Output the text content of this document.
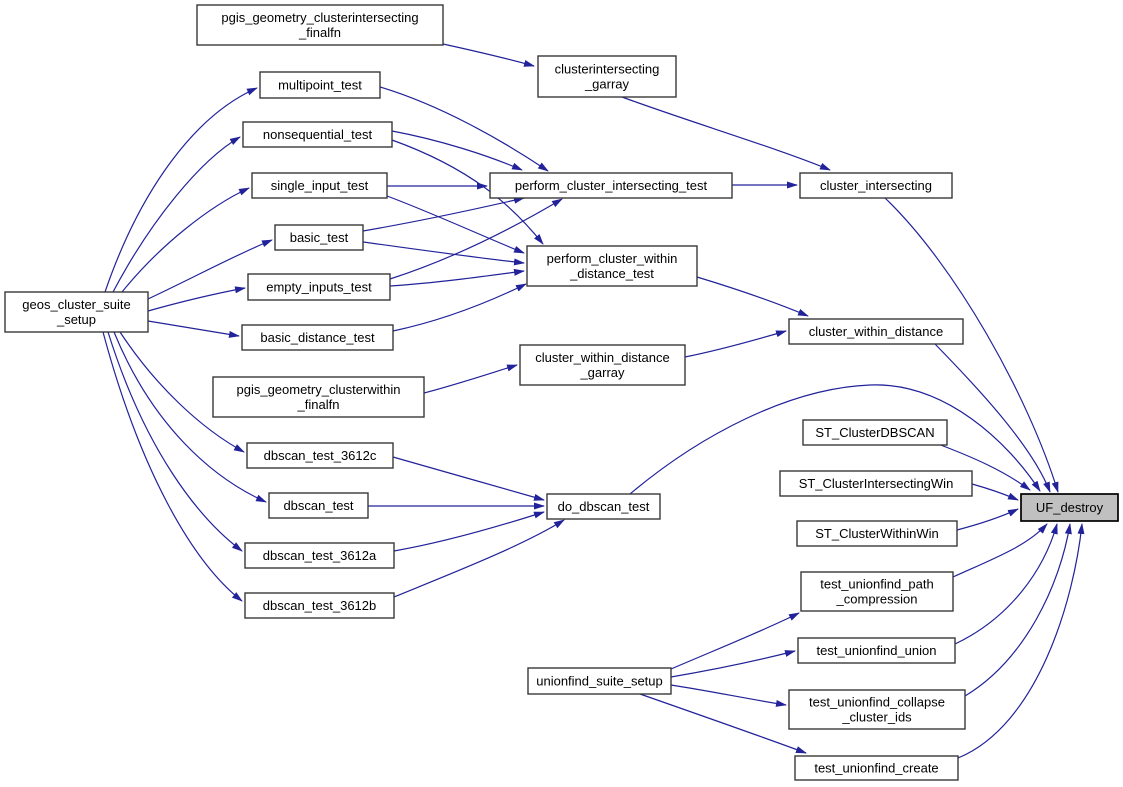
pgis_geometry_clusterintersecting
_finalfn
multipoint_test
clusterintersecting
_garray
nonsequential_test
single_input_test	perform_cluster_intersecting_test	cluster_intersecting
basic_test
perform_cluster_within
_distance_test
empty_inputs_test
geos_cluster_suite
_setup
basic_distance_test	cluster_within_distance
cluster_within_distance
_garray
pgis_geometry_clusterwithin
_finalfn
dbscan_test_3612c
ST_ClusterDBSCAN
dbscan_test	do_dbscan_test
ST_ClusterIntersectingWin
UF_destroy
ST_ClusterWithinWin
dbscan_test_3612a
test_unionfind_path
_compression
dbscan_test_3612b
test_unionfind_union
unionfind_suite_setup
test_unionfind_collapse
_cluster_ids
test_unionfind_create
